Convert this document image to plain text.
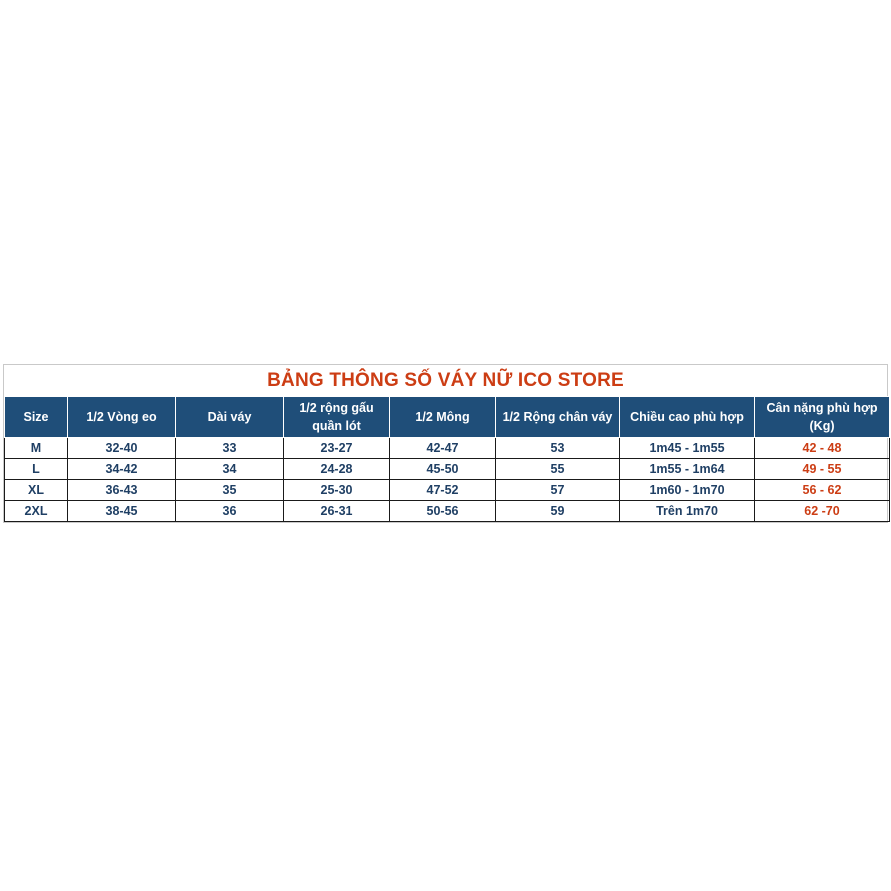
BẢNG THÔNG SỐ VÁY NỮ ICO STORE
Size	1/2 Vòng eo	Dài váy	1/2 rộng gấu quần lót	1/2 Mông	1/2 Rộng chân váy	Chiều cao phù hợp	Cân nặng phù hợp (Kg)
M	32-40	33	23-27	42-47	53	1m45 - 1m55	42 - 48
L	34-42	34	24-28	45-50	55	1m55 - 1m64	49 - 55
XL	36-43	35	25-30	47-52	57	1m60 - 1m70	56 - 62
2XL	38-45	36	26-31	50-56	59	Trên 1m70	62 -70
